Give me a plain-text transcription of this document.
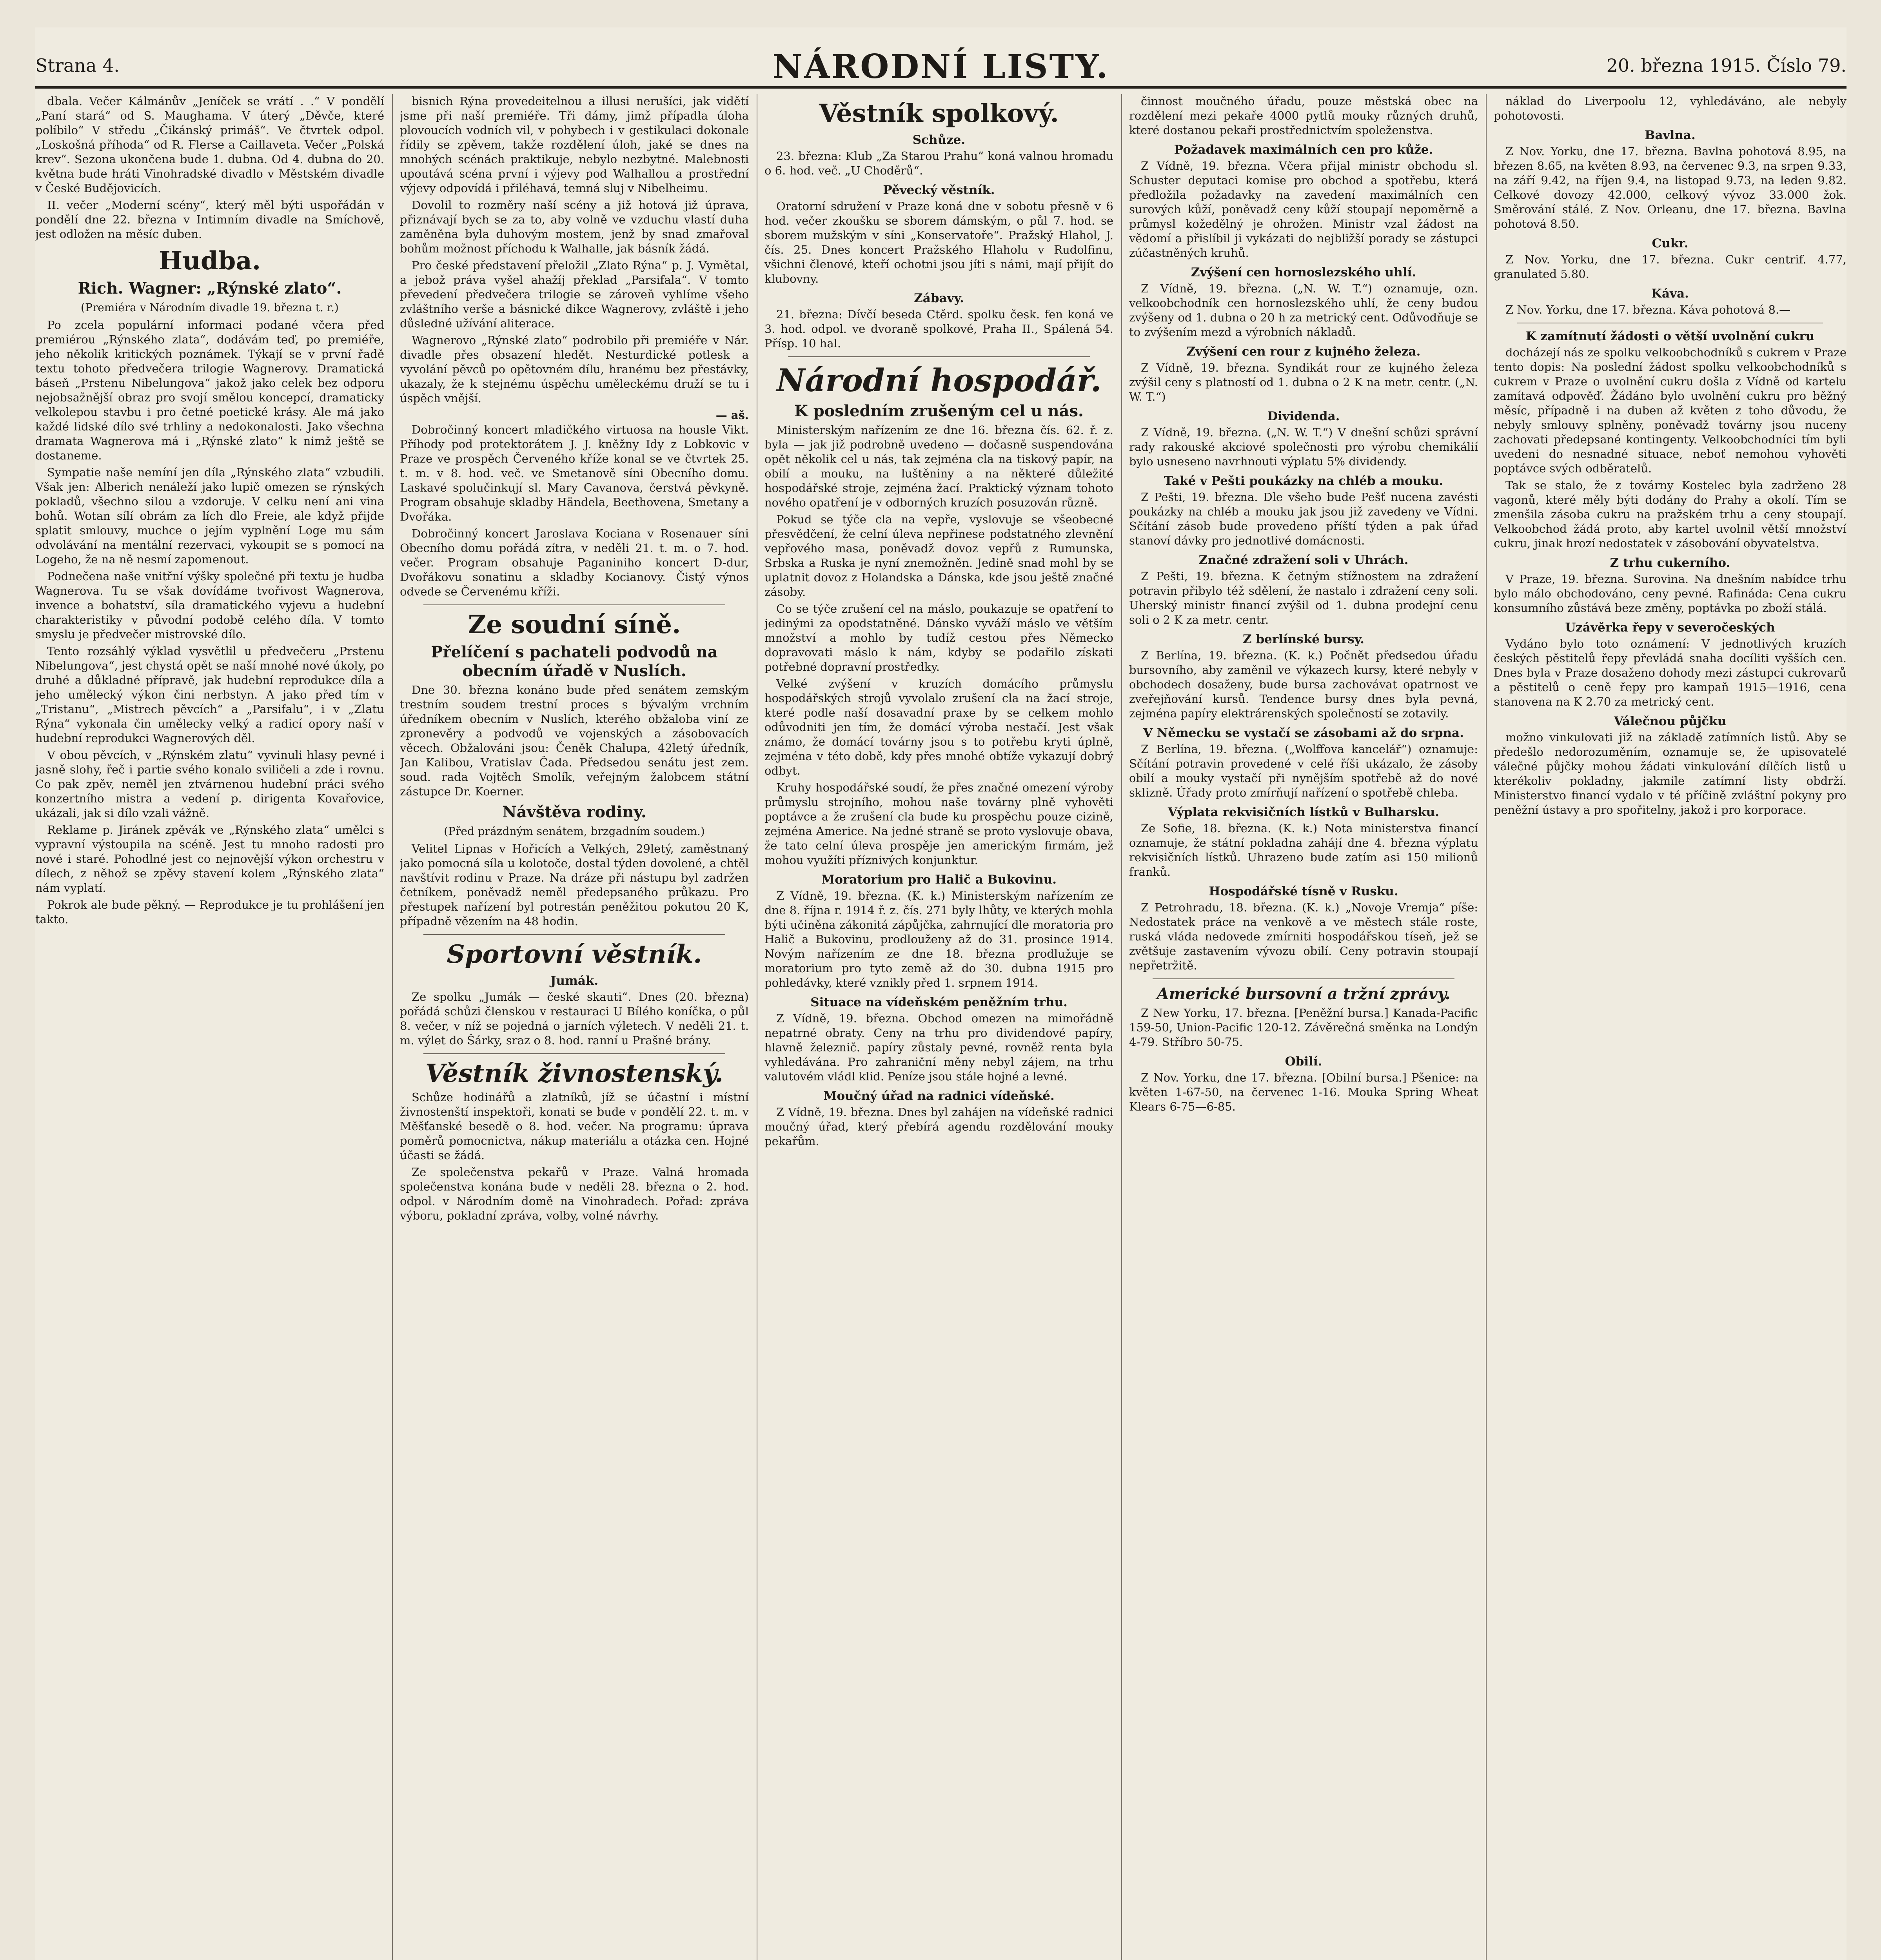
Strana 4.	NÁRODNÍ LISTY.	20. března 1915. Číslo 79.

dbala. Večer Kálmánův „Jeníček se vrátí . .“ V pondělí „Paní stará“ od S. Maughama. V úterý „Děvče, které políbilo“ V středu „Čikánský primáš“. Ve čtvrtek odpol. „Loskošná příhoda“ od R. Flerse a Caillaveta. Večer „Polská krev“. Sezona ukončena bude 1. dubna. Od 4. dubna do 20. května bude hráti Vinohradské divadlo v Městském divadle v České Budějovicích.

II. večer „Moderní scény“, který měl býti uspořádán v pondělí dne 22. března v Intimním divadle na Smíchově, jest odložen na měsíc duben.

Hudba.
Rich. Wagner: „Rýnské zlato“.
(Premiéra v Národním divadle 19. března t. r.)

Po zcela populární informaci podané včera před premiérou „Rýnského zlata“, dodávám teď, po premiéře, jeho několik kritických poznámek. Týkají se v první řadě textu tohoto předvečera trilogie Wagnerovy. Dramatická báseň „Prstenu Nibelungova“ jakož jako celek bez odporu nejobsažnější obraz pro svojí smělou koncepcí, dramaticky velkolepou stavbu i pro četné poetické krásy. Ale má jako každé lidské dílo své trhliny a nedokonalosti. Jako všechna dramata Wagnerova má i „Rýnské zlato“ k nimž ještě se dostaneme.

Sympatie naše nemíní jen díla „Rýnského zlata“ vzbudili. Však jen: Alberich nenáleží jako lupič omezen se rýnských pokladů, všechno silou a vzdoruje. V celku není ani vina bohů. Wotan sílí obrám za lích dlo Freie, ale když přijde splatit smlouvy, muchce o jejím vyplnění Loge mu sám odvolávání na mentální rezervaci, vykoupit se s pomocí na Logeho, že na ně nesmí zapomenout.

Podnečena naše vnitřní výšky společné při textu je hudba Wagnerova. Tu se však dovídáme tvořivost Wagnerova, invence a bohatství, síla dramatického vyjevu a hudební charakteristiky v původní podobě celého díla. V tomto smyslu je předvečer mistrovské dílo.

Tento rozsáhlý výklad vysvětlil u předvečeru „Prstenu Nibelungova“, jest chystá opět se naší mnohé nové úkoly, po druhé a důkladné přípravě, jak hudební reprodukce díla a jeho umělecký výkon čini nerbstyn. A jako před tím v „Tristanu“, „Mistrech pěvcích“ a „Parsifalu“, i v „Zlatu Rýna“ vykonala čin umělecky velký a radicí opory naší v hudební reprodukci Wagnerových děl.

V obou pěvcích, v „Rýnském zlatu“ vyvinuli hlasy pevné i jasně slohy, řeč i partie svého konalo sviličeli a zde i rovnu. Co pak zpěv, neměl jen ztvárnenou hudební práci svého konzertního mistra a vedení p. dirigenta Kovařovice, ukázali, jak si dílo vzali vážně.

Reklame p. Jiránek zpěvák ve „Rýnského zlata“ umělci s vypravní výstoupila na scéně. Jest tu mnoho radosti pro nové i staré. Pohodlné jest co nejnovější výkon orchestru v dílech, z něhož se zpěvy stavení kolem „Rýnského zlata“ nám vyplatí.

Pokrok ale bude pěkný. — Reprodukce je tu prohlášení jen takto.

bisnich Rýna provedeitelnou a illusi nerušíci, jak vidětí jsme při naší premiéře. Tři dámy, jimž případla úloha plovoucích vodních vil, v pohybech i v gestikulaci dokonale řídily se zpěvem, takže rozdělení úloh, jaké se dnes na mnohých scénách praktikuje, nebylo nezbytné. Malebnosti upoutává scéna první i výjevy pod Walhallou a prostřední výjevy odpovídá i přiléhavá, temná sluj v Nibelheimu.

Dovolil to rozměry naší scény a již hotová již úprava, přiznávají bych se za to, aby volně ve vzduchu vlastí duha zaměněna byla duhovým mostem, jenž by snad zmařoval bohům možnost příchodu k Walhalle, jak básník žádá.

Pro české představení přeložil „Zlato Rýna“ p. J. Vymětal, a jebož práva vyšel ahažíj překlad „Parsifala“. V tomto převedení předvečera trilogie se zároveň vyhlíme všeho zvláštního verše a básnické dikce Wagnerovy, zvláště i jeho důsledné užívání aliterace.

Wagnerovo „Rýnské zlato“ podrobilo při premiéře v Nár. divadle přes obsazení hledět. Nesturdické potlesk a vyvolání pěvců po opětovném dílu, hranému bez přestávky, ukazaly, že k stejnému úspěchu uměleckému druží se tu i úspěch vnější.

— aš.

Dobročinný koncert mladičkého virtuosa na housle Vikt. Příhody pod protektorátem J. J. kněžny Idy z Lobkovic v Praze ve prospěch Červeného kříže konal se ve čtvrtek 25. t. m. v 8. hod. več. ve Smetanově síni Obecního domu. Laskavé spolučinkují sl. Mary Cavanova, čerstvá pěvkyně. Program obsahuje skladby Händela, Beethovena, Smetany a Dvořáka.

Dobročinný koncert Jaroslava Kociana v Rosenauer síni Obecního domu pořádá zítra, v neděli 21. t. m. o 7. hod. večer. Program obsahuje Paganiniho koncert D-dur, Dvořákovu sonatinu a skladby Kocianovy. Čistý výnos odvede se Červenému kříži.

Ze soudní síně.
Přelíčení s pachateli podvodů na obecním úřadě v Nuslích.

Dne 30. března konáno bude před senátem zemským trestním soudem trestní proces s bývalým vrchním úředníkem obecním v Nuslích, kterého obžaloba viní ze zpronevěry a podvodů ve vojenských a zásobovacích věcech. Obžalováni jsou: Čeněk Chalupa, 42letý úředník, Jan Kalibou, Vratislav Čada. Předsedou senátu jest zem. soud. rada Vojtěch Smolík, veřejným žalobcem státní zástupce Dr. Koerner.

Návštěva rodiny.
(Před prázdným senátem, brzgadním soudem.)

Velitel Lipnas v Hořicích a Velkých, 29letý, zaměstnaný jako pomocná síla u kolotoče, dostal týden dovolené, a chtěl navštívit rodinu v Praze. Na dráze při nástupu byl zadržen četníkem, poněvadž neměl předepsaného průkazu. Pro přestupek nařízení byl potrestán peněžitou pokutou 20 K, případně vězením na 48 hodin.

Sportovní věstník.
Jumák.

Ze spolku „Jumák — české skauti“. Dnes (20. března) pořádá schůzi členskou v restauraci U Bílého koníčka, o půl 8. večer, v níž se pojedná o jarních výletech. V neděli 21. t. m. výlet do Šárky, sraz o 8. hod. ranní u Prašné brány.

Věstník živnostenský.

Schůze hodinářů a zlatníků, jíž se účastní i místní živnostenští inspektoři, konati se bude v pondělí 22. t. m. v Měšťanské besedě o 8. hod. večer. Na programu: úprava poměrů pomocnictva, nákup materiálu a otázka cen. Hojné účasti se žádá.

Ze společenstva pekařů v Praze. Valná hromada společenstva konána bude v neděli 28. března o 2. hod. odpol. v Národním domě na Vinohradech. Pořad: zpráva výboru, pokladní zpráva, volby, volné návrhy.

Věstník spolkový.
Schůze.

23. března: Klub „Za Starou Prahu“ koná valnou hromadu o 6. hod. več. „U Choděrů“.

Pěvecký věstník.

Oratorní sdružení v Praze koná dne v sobotu přesně v 6 hod. večer zkoušku se sborem dámským, o půl 7. hod. se sborem mužským v síni „Konservatoře“. Pražský Hlahol, J. čís. 25. Dnes koncert Pražského Hlaholu v Rudolfinu, všichni členové, kteří ochotni jsou jíti s námi, mají přijít do klubovny.

Zábavy.

21. března: Dívčí beseda Ctěrd. spolku česk. fen koná ve 3. hod. odpol. ve dvoraně spolkové, Praha II., Spálená 54. Přísp. 10 hal.

Národní hospodář.
K posledním zrušeným cel u nás.

Ministerským nařízením ze dne 16. března čís. 62. ř. z. byla — jak již podrobně uvedeno — dočasně suspendována opět několik cel u nás, tak zejména cla na tiskový papír, na obilí a mouku, na luštěniny a na některé důležité hospodářské stroje, zejména žací. Praktický význam tohoto nového opatření je v odborných kruzích posuzován různě.

Pokud se týče cla na vepře, vyslovuje se všeobecné přesvědčení, že celní úleva nepřinese podstatného zlevnění vepřového masa, poněvadž dovoz vepřů z Rumunska, Srbska a Ruska je nyní znemožněn. Jedině snad mohl by se uplatnit dovoz z Holandska a Dánska, kde jsou ještě značné zásoby.

Co se týče zrušení cel na máslo, poukazuje se opatření to jedinými za opodstatněné. Dánsko vyváží máslo ve větším množství a mohlo by tudíž cestou přes Německo dopravovati máslo k nám, kdyby se podařilo získati potřebné dopravní prostředky.

Velké zvýšení v kruzích domácího průmyslu hospodářských strojů vyvolalo zrušení cla na žací stroje, které podle naší dosavadní praxe by se celkem mohlo odůvodniti jen tím, že domácí výroba nestačí. Jest však známo, že domácí továrny jsou s to potřebu kryti úplně, zejména v této době, kdy přes mnohé obtíže vykazují dobrý odbyt.

Kruhy hospodářské soudí, že přes značné omezení výroby průmyslu strojního, mohou naše továrny plně vyhověti poptávce a že zrušení cla bude ku prospěchu pouze cizině, zejména Americe. Na jedné straně se proto vyslovuje obava, že tato celní úleva prospěje jen americkým firmám, jež mohou využíti příznivých konjunktur.

Moratorium pro Halič a Bukovinu.

Z Vídně, 19. března. (K. k.) Ministerským nařízením ze dne 8. října r. 1914 ř. z. čís. 271 byly lhůty, ve kterých mohla býti učiněna zákonitá zápůjčka, zahrnující dle moratoria pro Halič a Bukovinu, prodlouženy až do 31. prosince 1914. Novým nařízením ze dne 18. března prodlužuje se moratorium pro tyto země až do 30. dubna 1915 pro pohledávky, které vznikly před 1. srpnem 1914.

Situace na vídeňském peněžním trhu.

Z Vídně, 19. března. Obchod omezen na mimořádně nepatrné obraty. Ceny na trhu pro dividendové papíry, hlavně železnič. papíry zůstaly pevné, rovněž renta byla vyhledávána. Pro zahraniční měny nebyl zájem, na trhu valutovém vládl klid. Peníze jsou stále hojné a levné.

Moučný úřad na radnici vídeňské.

Z Vídně, 19. března. Dnes byl zahájen na vídeňské radnici moučný úřad, který přebírá agendu rozdělování mouky pekařům.

činnost moučného úřadu, pouze městská obec na rozdělení mezi pekaře 4000 pytlů mouky různých druhů, které dostanou pekaři prostřednictvím spoleženstva.

Požadavek maximálních cen pro kůže.

Z Vídně, 19. března. Včera přijal ministr obchodu sl. Schuster deputaci komise pro obchod a spotřebu, která předložila požadavky na zavedení maximálních cen surových kůží, poněvadž ceny kůží stoupají nepoměrně a průmysl kožedělný je ohrožen. Ministr vzal žádost na vědomí a přislíbil ji vykázati do nejbližší porady se zástupci zúčastněných kruhů.

Zvýšení cen hornoslezského uhlí.

Z Vídně, 19. března. („N. W. T.“) oznamuje, ozn. velkoobchodník cen hornoslezského uhlí, že ceny budou zvýšeny od 1. dubna o 20 h za metrický cent. Odůvodňuje se to zvýšením mezd a výrobních nákladů.

Zvýšení cen rour z kujného železa.

Z Vídně, 19. března. Syndikát rour ze kujného železa zvýšil ceny s platností od 1. dubna o 2 K na metr. centr. („N. W. T.“)

Dividenda.

Z Vídně, 19. března. („N. W. T.“) V dnešní schůzi správní rady rakouské akciové společnosti pro výrobu chemikálií bylo usneseno navrhnouti výplatu 5% dividendy.

Také v Pešti poukázky na chléb a mouku.

Z Pešti, 19. března. Dle všeho bude Pešť nucena zavésti poukázky na chléb a mouku jak jsou již zavedeny ve Vídni. Sčítání zásob bude provedeno příští týden a pak úřad stanoví dávky pro jednotlivé domácnosti.

Značné zdražení soli v Uhrách.

Z Pešti, 19. března. K četným stížnostem na zdražení potravin přibylo též sdělení, že nastalo i zdražení ceny soli. Uherský ministr financí zvýšil od 1. dubna prodejní cenu soli o 2 K za metr. centr.

Z berlínské bursy.

Z Berlína, 19. března. (K. k.) Počnět předsedou úřadu bursovního, aby zaměnil ve výkazech kursy, které nebyly v obchodech dosaženy, bude bursa zachovávat opatrnost ve zveřejňování kursů. Tendence bursy dnes byla pevná, zejména papíry elektrárenských společností se zotavily.

V Německu se vystačí se zásobami až do srpna.

Z Berlína, 19. března. („Wolffova kancelář“) oznamuje: Sčítání potravin provedené v celé říši ukázalo, že zásoby obilí a mouky vystačí při nynějším spotřebě až do nové sklizně. Úřady proto zmírňují nařízení o spotřebě chleba.

Výplata rekvisičních lístků v Bulharsku.

Ze Sofie, 18. března. (K. k.) Nota ministerstva financí oznamuje, že státní pokladna zahájí dne 4. března výplatu rekvisičních lístků. Uhrazeno bude zatím asi 150 milionů franků.

Hospodářské tísně v Rusku.

Z Petrohradu, 18. března. (K. k.) „Novoje Vremja“ píše: Nedostatek práce na venkově a ve městech stále roste, ruská vláda nedovede zmírniti hospodářskou tíseň, jež se zvětšuje zastavením vývozu obilí. Ceny potravin stoupají nepřetržitě.

Americké bursovní a tržní zprávy.

Z New Yorku, 17. března. [Peněžní bursa.] Kanada-Pacific 159-50, Union-Pacific 120-12. Závěrečná směnka na Londýn 4-79. Stříbro 50-75.

Obilí.

Z Nov. Yorku, dne 17. března. [Obilní bursa.] Pšenice: na květen 1-67-50, na červenec 1-16. Mouka Spring Wheat Klears 6-75—6-85.

náklad do Liverpoolu 12, vyhledáváno, ale nebyly pohotovosti.

Bavlna.

Z Nov. Yorku, dne 17. března. Bavlna pohotová 8.95, na březen 8.65, na květen 8.93, na červenec 9.3, na srpen 9.33, na září 9.42, na říjen 9.4, na listopad 9.73, na leden 9.82. Celkové dovozy 42.000, celkový vývoz 33.000 žok. Směrování stálé. Z Nov. Orleanu, dne 17. března. Bavlna pohotová 8.50.

Cukr.

Z Nov. Yorku, dne 17. března. Cukr centrif. 4.77, granulated 5.80.

Káva.

Z Nov. Yorku, dne 17. března. Káva pohotová 8.—

K zamítnutí žádosti o větší uvolnění cukru

docházejí nás ze spolku velkoobchodníků s cukrem v Praze tento dopis: Na poslední žádost spolku velkoobchodníků s cukrem v Praze o uvolnění cukru došla z Vídně od kartelu zamítavá odpověď. Žádáno bylo uvolnění cukru pro běžný měsíc, případně i na duben až květen z toho důvodu, že nebyly smlouvy splněny, poněvadž továrny jsou nuceny zachovati předepsané kontingenty. Velkoobchodníci tím byli uvedeni do nesnadné situace, neboť nemohou vyhověti poptávce svých odběratelů.

Tak se stalo, že z továrny Kostelec byla zadrženo 28 vagonů, které měly býti dodány do Prahy a okolí. Tím se zmenšila zásoba cukru na pražském trhu a ceny stoupají. Velkoobchod žádá proto, aby kartel uvolnil větší množství cukru, jinak hrozí nedostatek v zásobování obyvatelstva.

Z trhu cukerního.

V Praze, 19. března. Surovina. Na dnešním nabídce trhu bylo málo obchodováno, ceny pevné. Rafináda: Cena cukru konsumního zůstává beze změny, poptávka po zboží stálá.

Uzávěrka řepy v severočeských

Vydáno bylo toto oznámení: V jednotlivých kruzích českých pěstitelů řepy převládá snaha docíliti vyšších cen. Dnes byla v Praze dosaženo dohody mezi zástupci cukrovarů a pěstitelů o ceně řepy pro kampaň 1915—1916, cena stanovena na K 2.70 za metrický cent.

Válečnou půjčku

možno vinkulovati již na základě zatímních listů. Aby se předešlo nedorozuměním, oznamuje se, že upisovatelé válečné půjčky mohou žádati vinkulování dílčích listů u kterékoliv pokladny, jakmile zatímní listy obdrží. Ministerstvo financí vydalo v té příčině zvláštní pokyny pro peněžní ústavy a pro spořitelny, jakož i pro korporace.
